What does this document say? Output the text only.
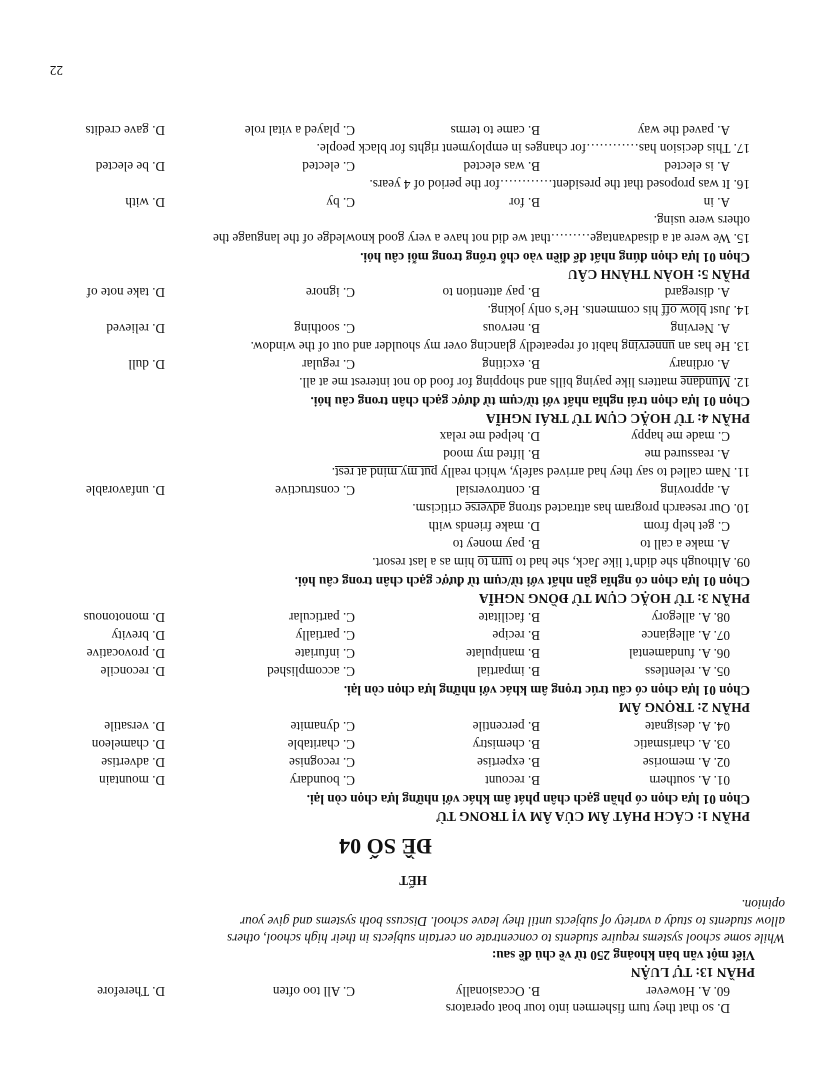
D. so that they turn fishermen into tour boat operators
60. A. However
B. Occasionally
C. All too often
D. Therefore
PHẦN 13: TỰ LUẬN
Viết một văn bản khoảng 250 từ về chủ đề sau:
While some school systems require students to concentrate on certain subjects in their high school, others
allow students to study a variety of subjects until they leave school. Discuss both systems and give your
opinion.
HẾT
ĐỀ SỐ 04
PHẦN 1: CÁCH PHÁT ÂM CỦA ÂM VỊ TRONG TỪ
Chọn 01 lựa chọn có phần gạch chân phát âm khác với những lựa chọn còn lại.
01. A. southern
B. recount
C. boundary
D. mountain
02. A. memorise
B. expertise
C. recognise
D. advertise
03. A. charismatic
B. chemistry
C. charitable
D. chameleon
04. A. designate
B. percentile
C. dynamite
D. versatile
PHẦN 2: TRỌNG ÂM
Chọn 01 lựa chọn có cấu trúc trọng âm khác với những lựa chọn còn lại.
05. A. relentless
B. impartial
C. accomplished
D. reconcile
06. A. fundamental
B. manipulate
C. infuriate
D. provocative
07. A. allegiance
B. recipe
C. partially
D. brevity
08. A. allegory
B. facilitate
C. particular
D. monotonous
PHẦN 3: TỪ HOẶC CỤM TỪ ĐỒNG NGHĨA
Chọn 01 lựa chọn có nghĩa gần nhất với từ/cụm từ được gạch chân trong câu hỏi.
09. Although she didn’t like Jack, she had to turn to him as a last resort.
A. make a call to
B. pay money to
C. get help from
D. make friends with
10. Our research program has attracted strong adverse criticism.
A. approving
B. controversial
C. constructive
D. unfavorable
11. Nam called to say they had arrived safely, which really put my mind at rest.
A. reassured me
B. lifted my mood
C. made me happy
D. helped me relax
PHẦN 4: TỪ HOẶC CỤM TỪ TRÁI NGHĨA
Chọn 01 lựa chọn trái nghĩa nhất với từ/cụm từ được gạch chân trong câu hỏi.
12. Mundane matters like paying bills and shopping for food do not interest me at all.
A. ordinary
B. exciting
C. regular
D. dull
13. He has an unnerving habit of repeatedly glancing over my shoulder and out of the window.
A. Nerving
B. nervous
C. soothing
D. relieved
14. Just blow off his comments. He’s only joking.
A. disregard
B. pay attention to
C. ignore
D. take note of
PHẦN 5: HOÀN THÀNH CÂU
Chọn 01 lựa chọn đúng nhất để điền vào chỗ trống trong mỗi câu hỏi.
15. We were at a disadvantage………that we did not have a very good knowledge of the language the
others were using.
A. in
B. for
C. by
D. with
16. It was proposed that the president…………for the period of 4 years.
A. is elected
B. was elected
C. elected
D. be elected
17. This decision has…………for changes in employment rights for black people.
A. paved the way
B. came to terms
C. played a vital role
D. gave credits
22
